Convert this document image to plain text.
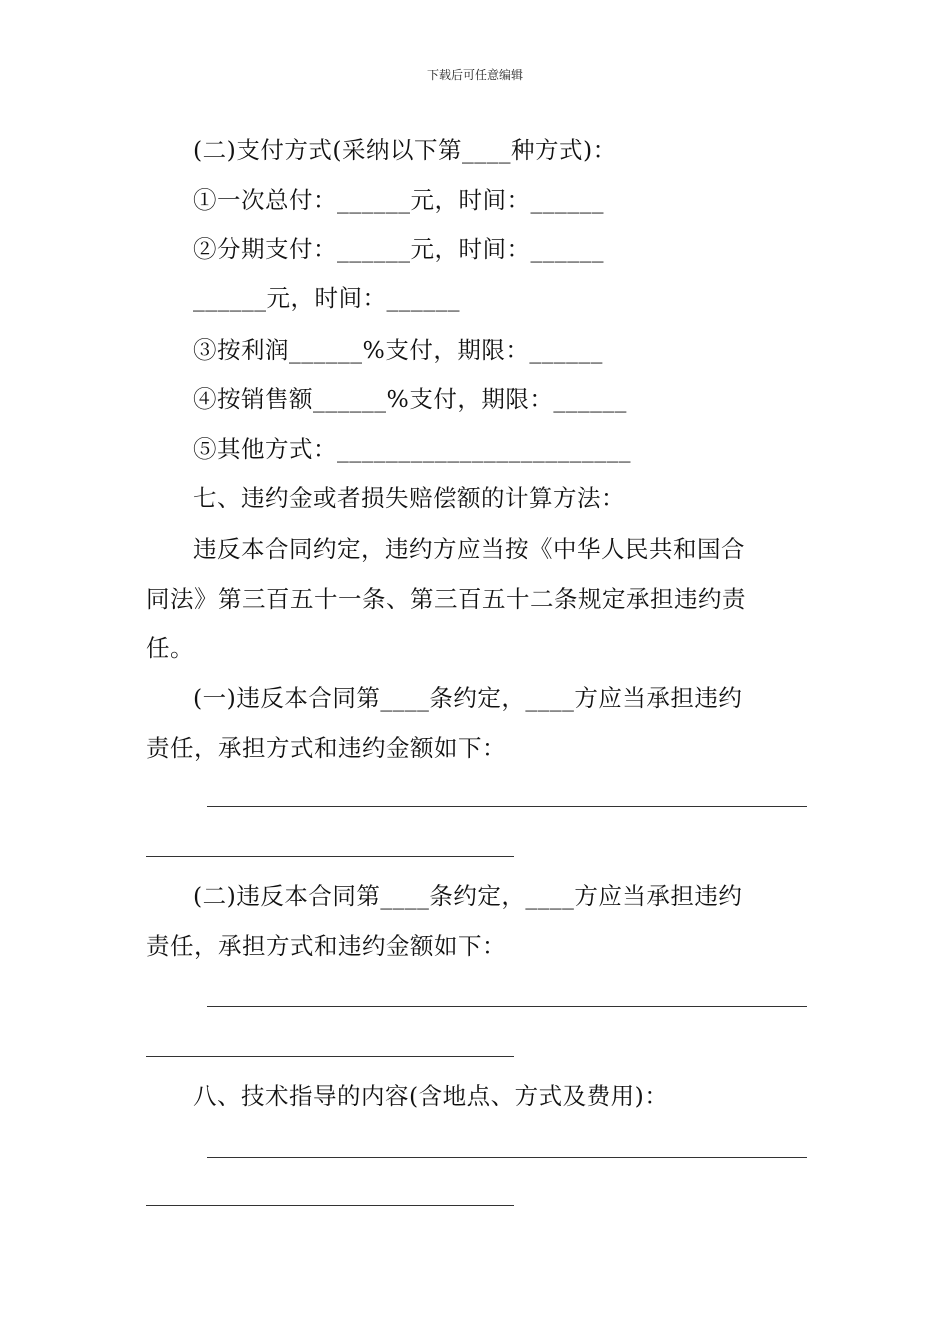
下载后可任意编辑
(二)支付方式(采纳以下第____种方式)：
①一次总付：______元，时间：______
②分期支付：______元，时间：______
______元，时间：______
③按利润______%支付，期限：______
④按销售额______%支付，期限：______
⑤其他方式：________________________
七、违约金或者损失赔偿额的计算方法：
违反本合同约定，违约方应当按《中华人民共和国合
同法》第三百五十一条、第三百五十二条规定承担违约责
任。
(一)违反本合同第____条约定，____方应当承担违约
责任，承担方式和违约金额如下：
(二)违反本合同第____条约定，____方应当承担违约
责任，承担方式和违约金额如下：
八、技术指导的内容(含地点、方式及费用)：
